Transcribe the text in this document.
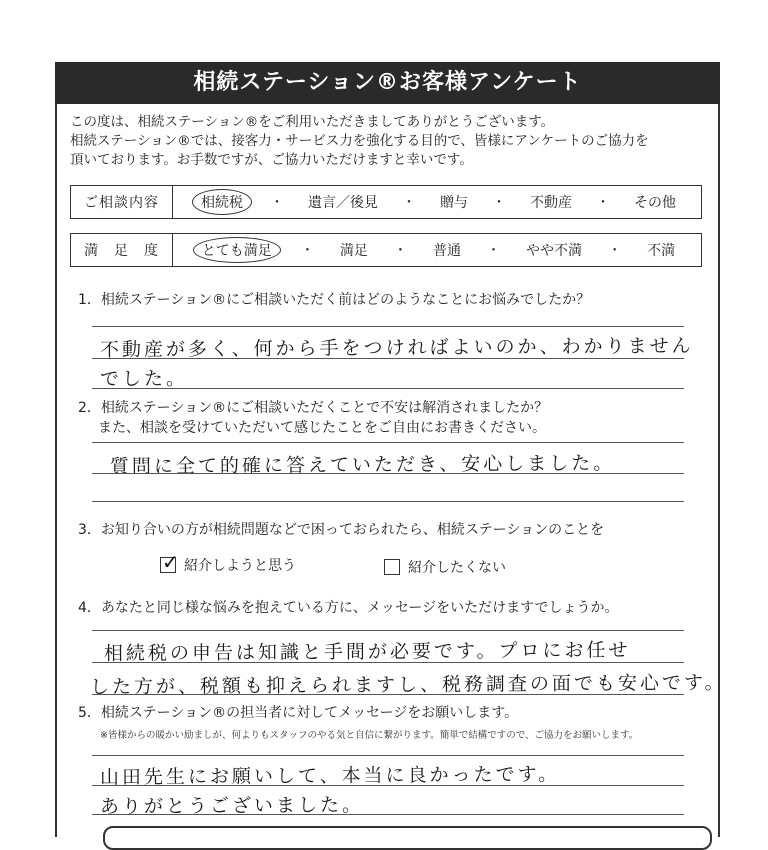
相続ステーション®お客様アンケート
この度は、相続ステーション®をご利用いただきましてありがとうございます。
相続ステーション®では、接客力・サービス力を強化する目的で、皆様にアンケートのご協力を
頂いております。お手数ですが、ご協力いただけますと幸いです。
ご相談内容	相続税	・	遺言／後見	・	贈与	・	不動産	・	その他
満　足　度	とても満足	・	満足	・	普通	・	やや不満	・	不満
1．相続ステーション®にご相談いただく前はどのようなことにお悩みでしたか？
不動産が多く、何から手をつければよいのか、わかりません
でした。
2．相続ステーション®にご相談いただくことで不安は解消されましたか？
また、相談を受けていただいて感じたことをご自由にお書きください。
質問に全て的確に答えていただき、安心しました。
3．お知り合いの方が相続問題などで困っておられたら、相続ステーションのことを
✓ 紹介しようと思う	紹介したくない
4．あなたと同じ様な悩みを抱えている方に、メッセージをいただけますでしょうか。
相続税の申告は知識と手間が必要です。プロにお任せ
した方が、税額も抑えられますし、税務調査の面でも安心です。
5．相続ステーション®の担当者に対してメッセージをお願いします。
※皆様からの暖かい励ましが、何よりもスタッフのやる気と自信に繋がります。簡単で結構ですので、ご協力をお願いします。
山田先生にお願いして、本当に良かったです。
ありがとうございました。
